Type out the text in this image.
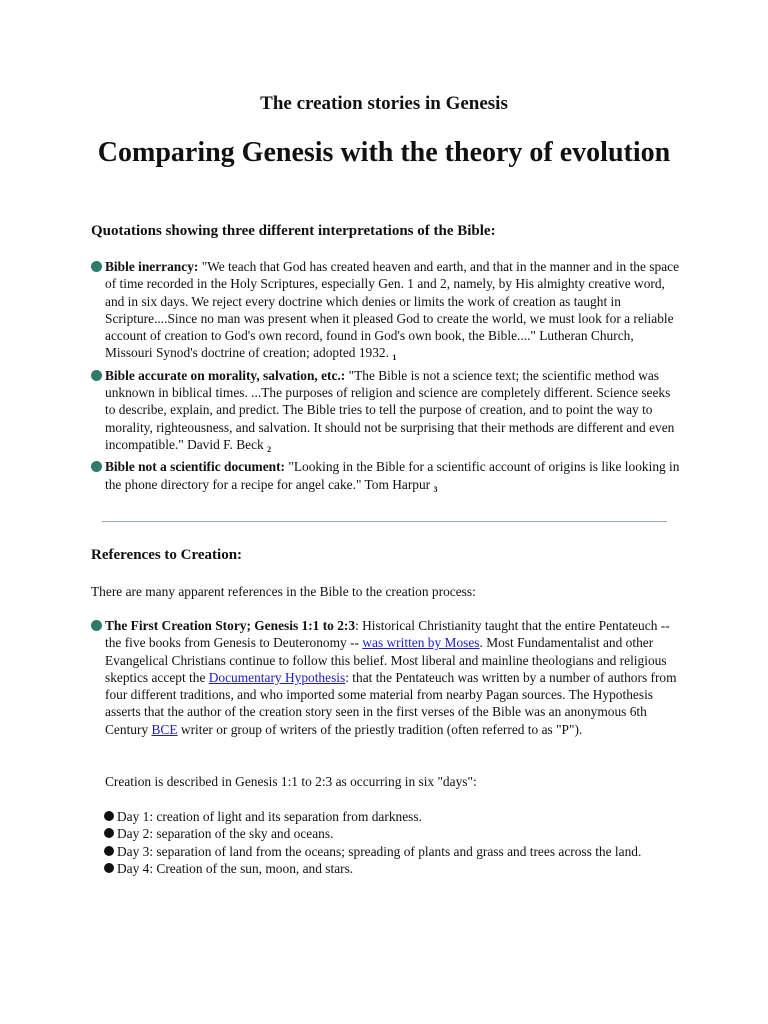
The creation stories in Genesis
Comparing Genesis with the theory of evolution
Quotations showing three different interpretations of the Bible:
Bible inerrancy: "We teach that God has created heaven and earth, and that in the manner and in the space of time recorded in the Holy Scriptures, especially Gen. 1 and 2, namely, by His almighty creative word, and in six days. We reject every doctrine which denies or limits the work of creation as taught in Scripture....Since no man was present when it pleased God to create the world, we must look for a reliable account of creation to God's own record, found in God's own book, the Bible...." Lutheran Church, Missouri Synod's doctrine of creation; adopted 1932. $_1$
Bible accurate on morality, salvation, etc.: "The Bible is not a science text; the scientific method was unknown in biblical times. ...The purposes of religion and science are completely different. Science seeks to describe, explain, and predict. The Bible tries to tell the purpose of creation, and to point the way to morality, righteousness, and salvation. It should not be surprising that their methods are different and even incompatible." David F. Beck $_2$
Bible not a scientific document: "Looking in the Bible for a scientific account of origins is like looking in the phone directory for a recipe for angel cake." Tom Harpur $_3$
References to Creation:
There are many apparent references in the Bible to the creation process:
The First Creation Story; Genesis 1:1 to 2:3: Historical Christianity taught that the entire Pentateuch -- the five books from Genesis to Deuteronomy -- was written by Moses. Most Fundamentalist and other Evangelical Christians continue to follow this belief. Most liberal and mainline theologians and religious skeptics accept the Documentary Hypothesis: that the Pentateuch was written by a number of authors from four different traditions, and who imported some material from nearby Pagan sources. The Hypothesis asserts that the author of the creation story seen in the first verses of the Bible was an anonymous 6th Century BCE writer or group of writers of the priestly tradition (often referred to as "P").
Creation is described in Genesis 1:1 to 2:3 as occurring in six "days":
Day 1: creation of light and its separation from darkness.
Day 2: separation of the sky and oceans.
Day 3: separation of land from the oceans; spreading of plants and grass and trees across the land.
Day 4: Creation of the sun, moon, and stars.
